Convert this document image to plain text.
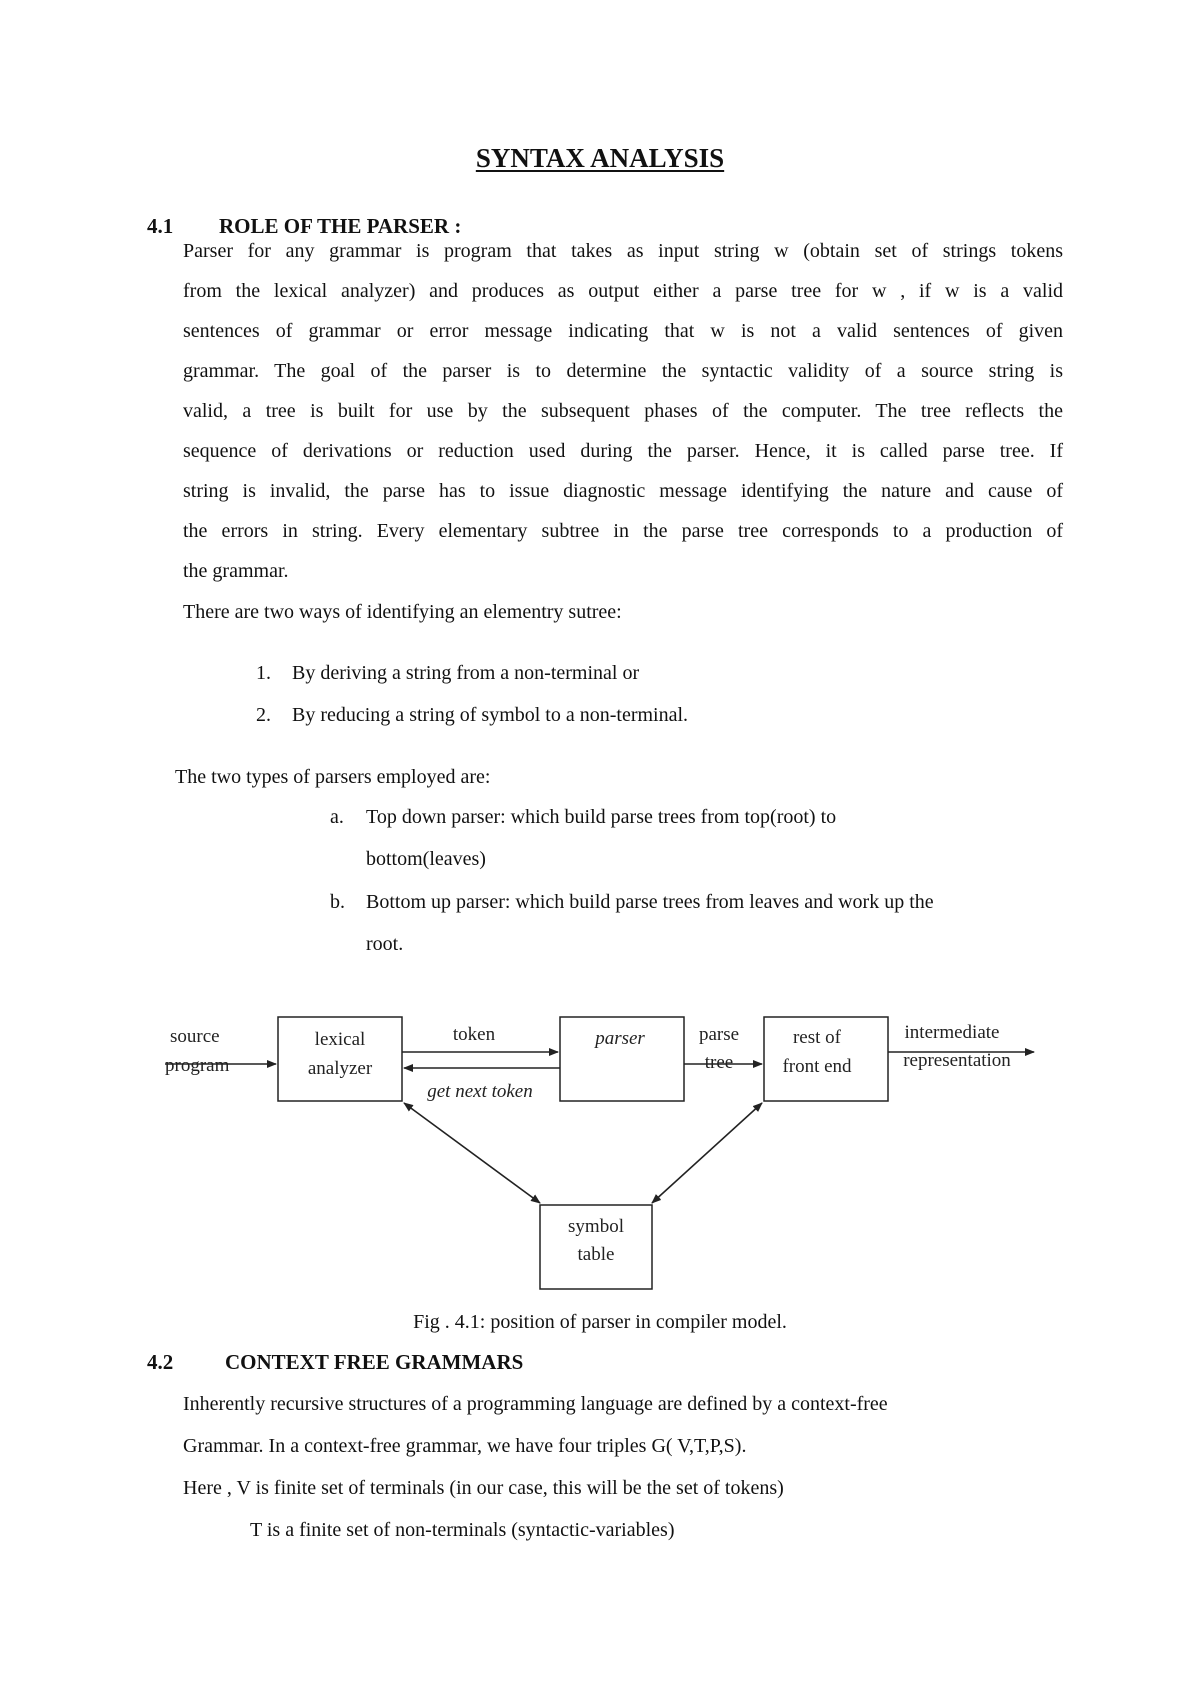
SYNTAX ANALYSIS
4.1 ROLE OF THE PARSER :
Parser for any grammar is program that takes as input string w (obtain set of strings tokens
from the lexical analyzer) and produces as output either a parse tree for w , if w is a valid
sentences of grammar or error message indicating that w is not a valid sentences of given
grammar. The goal of the parser is to determine the syntactic validity of a source string is
valid, a tree is built for use by the subsequent phases of the computer. The tree reflects the
sequence of derivations or reduction used during the parser. Hence, it is called parse tree. If
string is invalid, the parse has to issue diagnostic message identifying the nature and cause of
the errors in string. Every elementary subtree in the parse tree corresponds to a production of
the grammar.
There are two ways of identifying an elementry sutree:
1. By deriving a string from a non-terminal or
2. By reducing a string of symbol to a non-terminal.
The two types of parsers employed are:
a. Top down parser: which build parse trees from top(root) to
bottom(leaves)
b. Bottom up parser: which build parse trees from leaves and work up the
root.
source
program
lexical
analyzer
token
get next token
parser	parse
tree
rest of
front end
intermediate
representation
symbol
table
Fig . 4.1: position of parser in compiler model.
4.2 CONTEXT FREE GRAMMARS
Inherently recursive structures of a programming language are defined by a context-free
Grammar. In a context-free grammar, we have four triples G( V,T,P,S).
Here , V is finite set of terminals (in our case, this will be the set of tokens)
T is a finite set of non-terminals (syntactic-variables)
